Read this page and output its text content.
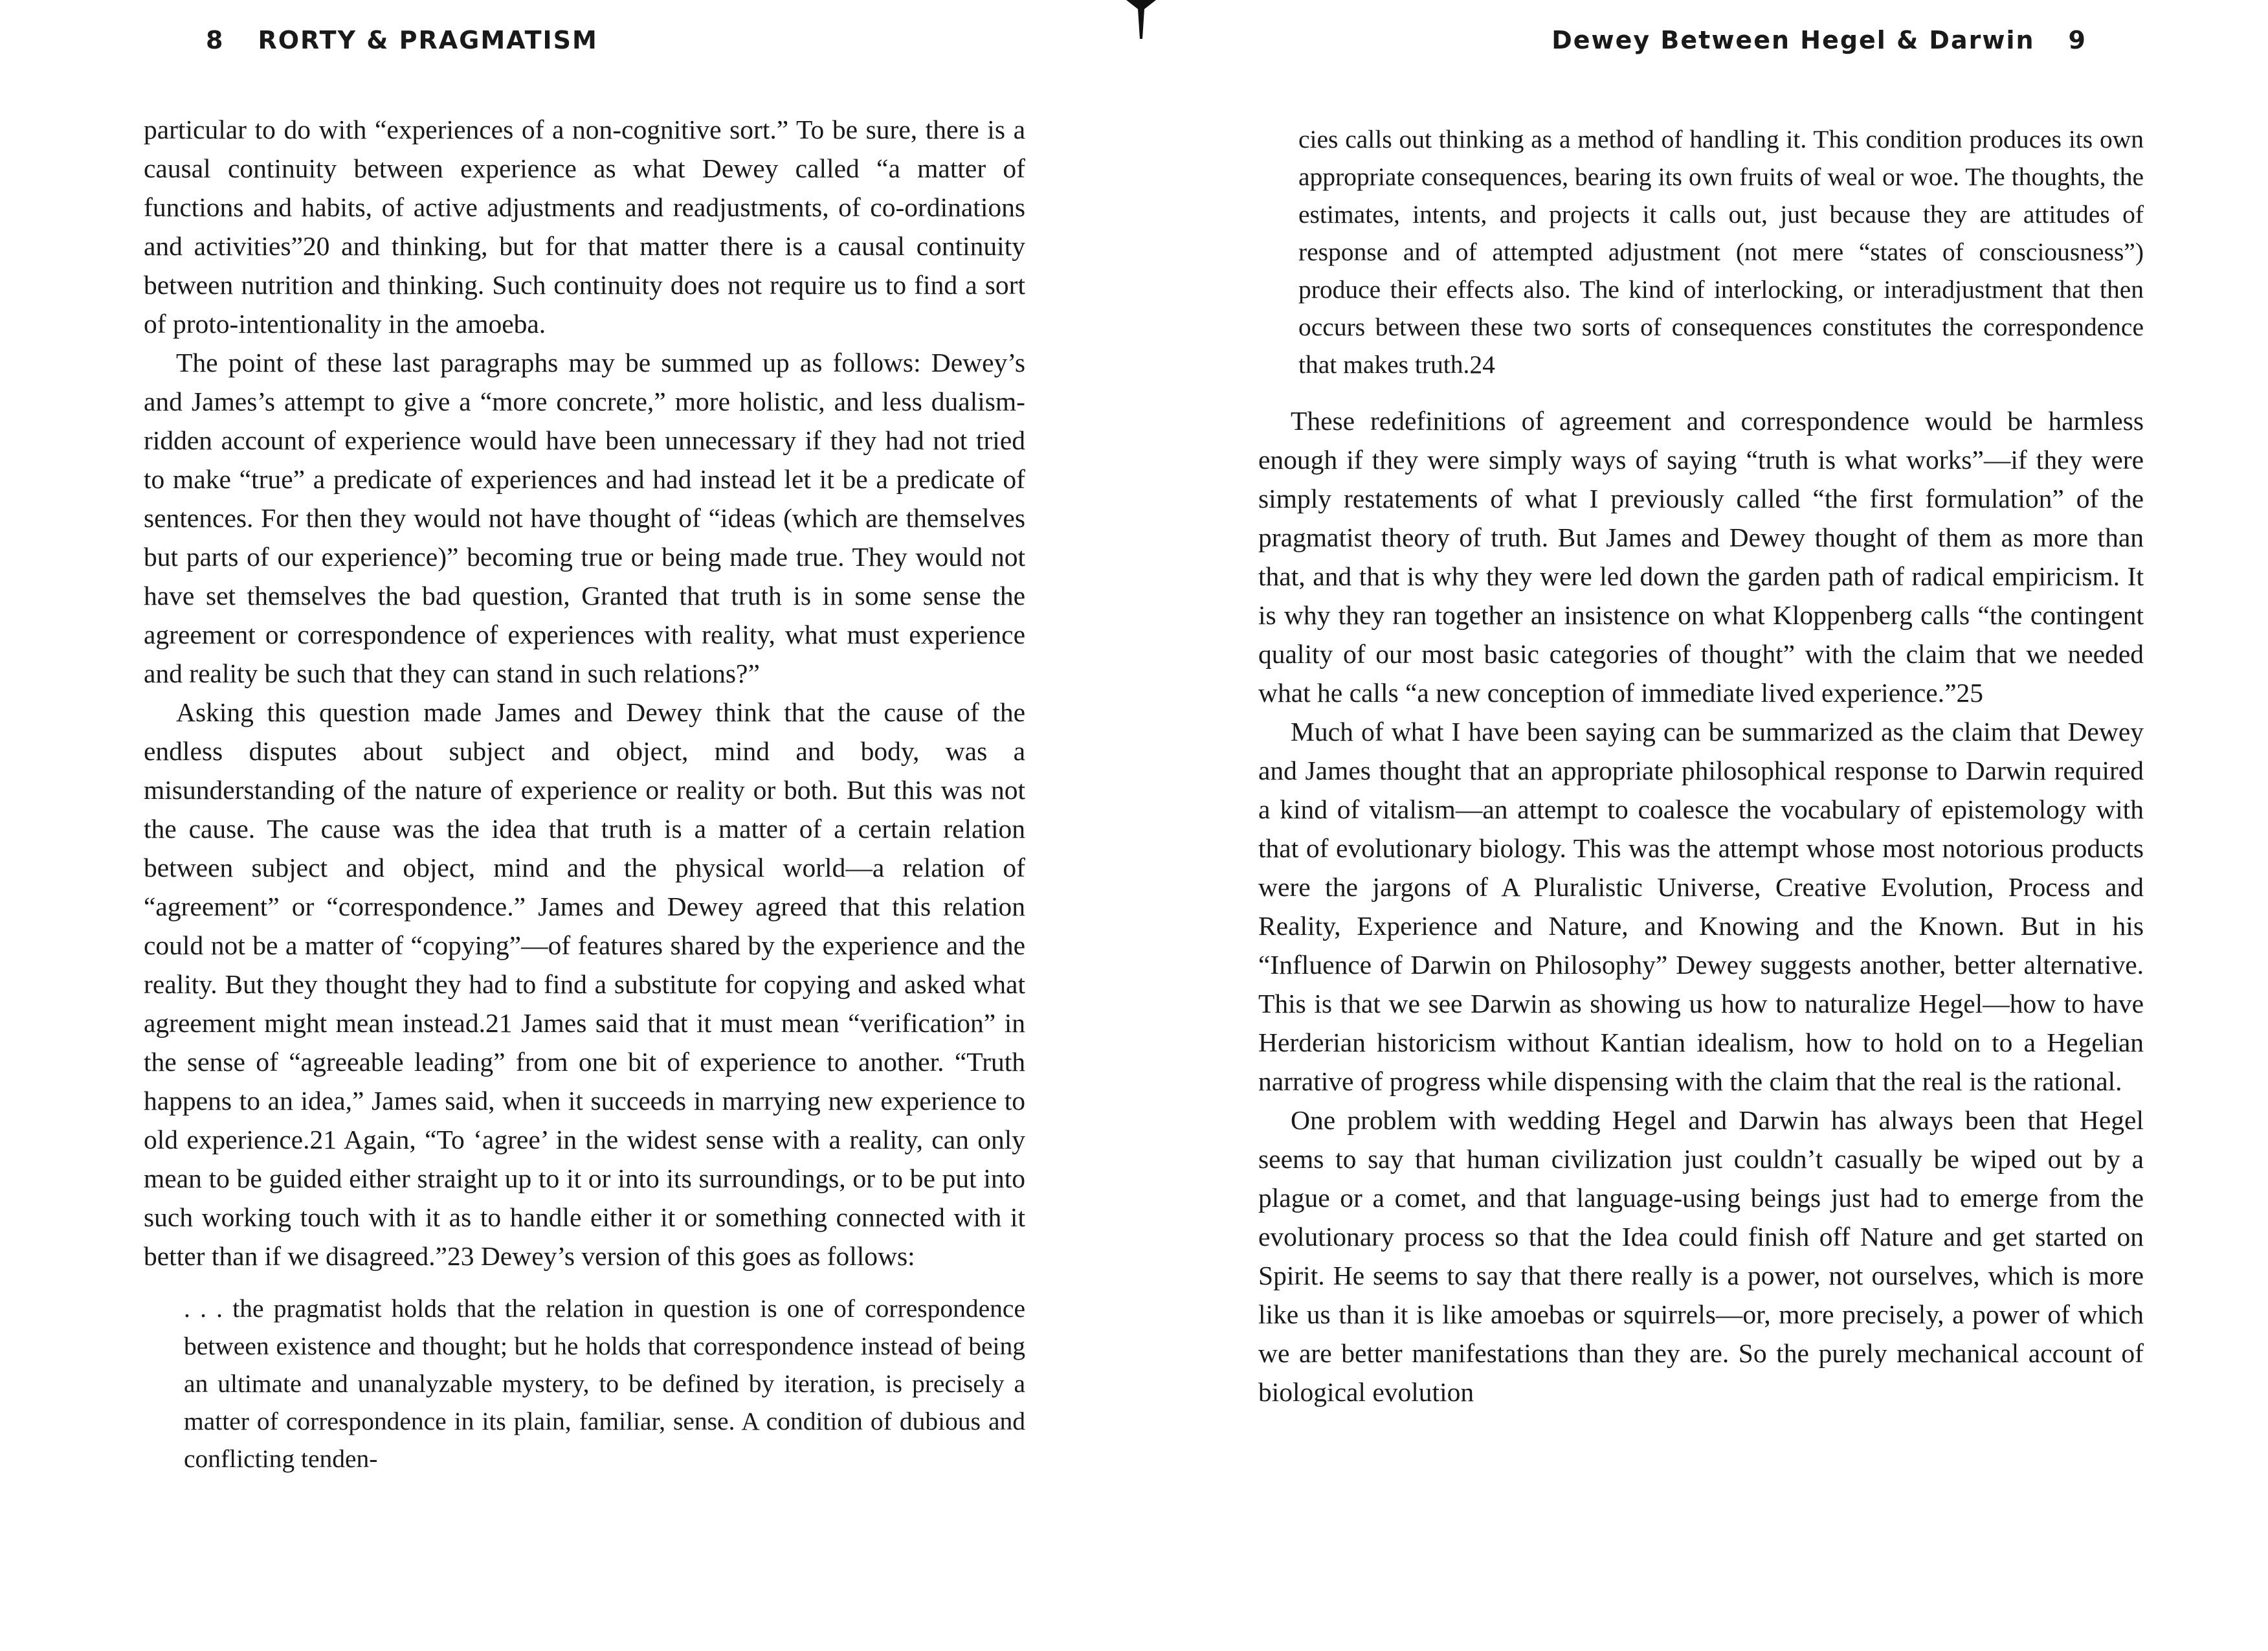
8 RORTY & PRAGMATISM

particular to do with “experiences of a non-cognitive sort.” To be sure, there is a causal continuity between experience as what Dewey called “a matter of functions and habits, of active adjustments and readjustments, of co-ordinations and activities”20 and thinking, but for that matter there is a causal continuity between nutrition and thinking. Such continuity does not require us to find a sort of proto-intentionality in the amoeba.

The point of these last paragraphs may be summed up as follows: Dewey’s and James’s attempt to give a “more concrete,” more holistic, and less dualism-ridden account of experience would have been unnecessary if they had not tried to make “true” a predicate of experiences and had instead let it be a predicate of sentences. For then they would not have thought of “ideas (which are themselves but parts of our experience)” becoming true or being made true. They would not have set themselves the bad question, Granted that truth is in some sense the agreement or correspondence of experiences with reality, what must experience and reality be such that they can stand in such relations?”

Asking this question made James and Dewey think that the cause of the endless disputes about subject and object, mind and body, was a misunderstanding of the nature of experience or reality or both. But this was not the cause. The cause was the idea that truth is a matter of a certain relation between subject and object, mind and the physical world—a relation of “agreement” or “correspondence.” James and Dewey agreed that this relation could not be a matter of “copying”—of features shared by the experience and the reality. But they thought they had to find a substitute for copying and asked what agreement might mean instead.21 James said that it must mean “verification” in the sense of “agreeable leading” from one bit of experience to another. “Truth happens to an idea,” James said, when it succeeds in marrying new experience to old experience.21 Again, “To ‘agree’ in the widest sense with a reality, can only mean to be guided either straight up to it or into its surroundings, or to be put into such working touch with it as to handle either it or something connected with it better than if we disagreed.”23 Dewey’s version of this goes as follows:

. . . the pragmatist holds that the relation in question is one of correspondence between existence and thought; but he holds that correspondence instead of being an ultimate and unanalyzable mystery, to be defined by iteration, is precisely a matter of correspondence in its plain, familiar, sense. A condition of dubious and conflicting tenden-

Dewey Between Hegel & Darwin 9

cies calls out thinking as a method of handling it. This condition produces its own appropriate consequences, bearing its own fruits of weal or woe. The thoughts, the estimates, intents, and projects it calls out, just because they are attitudes of response and of attempted adjustment (not mere “states of consciousness”) produce their effects also. The kind of interlocking, or interadjustment that then occurs between these two sorts of consequences constitutes the correspondence that makes truth.24

These redefinitions of agreement and correspondence would be harmless enough if they were simply ways of saying “truth is what works”—if they were simply restatements of what I previously called “the first formulation” of the pragmatist theory of truth. But James and Dewey thought of them as more than that, and that is why they were led down the garden path of radical empiricism. It is why they ran together an insistence on what Kloppenberg calls “the contingent quality of our most basic categories of thought” with the claim that we needed what he calls “a new conception of immediate lived experience.”25

Much of what I have been saying can be summarized as the claim that Dewey and James thought that an appropriate philosophical response to Darwin required a kind of vitalism—an attempt to coalesce the vocabulary of epistemology with that of evolutionary biology. This was the attempt whose most notorious products were the jargons of A Pluralistic Universe, Creative Evolution, Process and Reality, Experience and Nature, and Knowing and the Known. But in his “Influence of Darwin on Philosophy” Dewey suggests another, better alternative. This is that we see Darwin as showing us how to naturalize Hegel—how to have Herderian historicism without Kantian idealism, how to hold on to a Hegelian narrative of progress while dispensing with the claim that the real is the rational.

One problem with wedding Hegel and Darwin has always been that Hegel seems to say that human civilization just couldn’t casually be wiped out by a plague or a comet, and that language-using beings just had to emerge from the evolutionary process so that the Idea could finish off Nature and get started on Spirit. He seems to say that there really is a power, not ourselves, which is more like us than it is like amoebas or squirrels—or, more precisely, a power of which we are better manifestations than they are. So the purely mechanical account of biological evolution
